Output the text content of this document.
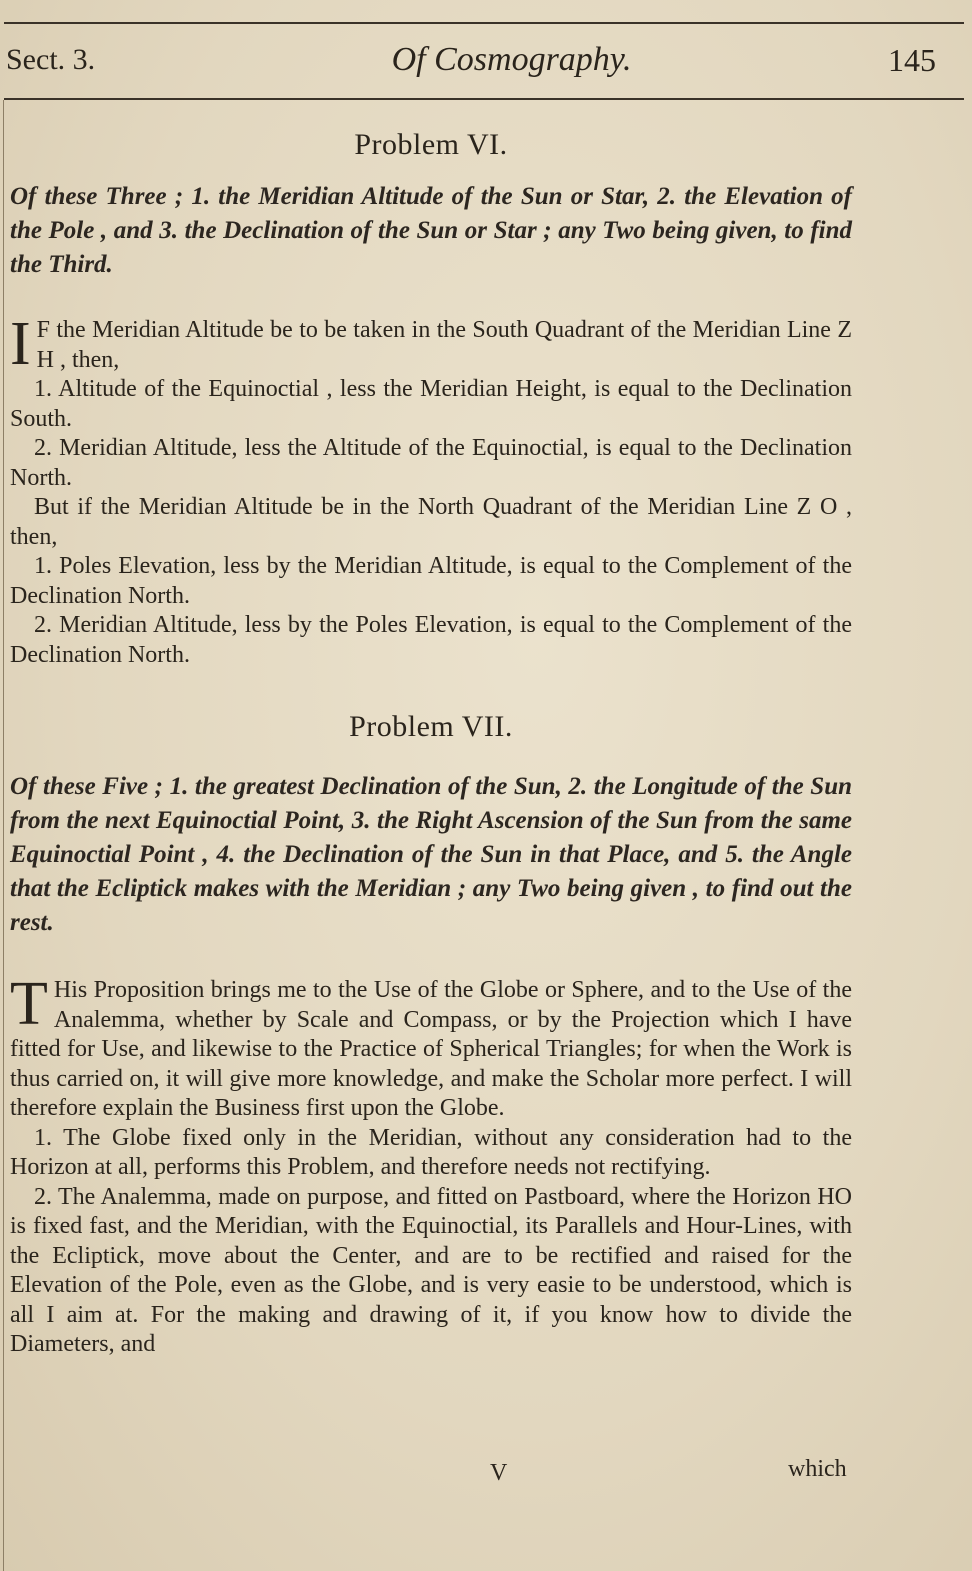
Sect. 3.	Of Cosmography.	145

Problem VI.

Of these Three ; 1. the Meridian Altitude of the Sun or Star, 2. the Elevation of the Pole , and 3. the Declination of the Sun or Star ; any Two being given, to find the Third.

I F the Meridian Altitude be to be taken in the South Quadrant of the Meridian Line Z H , then,

1. Altitude of the Equinoctial , less the Meridian Height, is equal to the Declination South.

2. Meridian Altitude, less the Altitude of the Equinoctial, is equal to the Declination North.

But if the Meridian Altitude be in the North Quadrant of the Meridian Line Z O , then,

1. Poles Elevation, less by the Meridian Altitude, is equal to the Complement of the Declination North.

2. Meridian Altitude, less by the Poles Elevation, is equal to the Complement of the Declination North.

Problem VII.

Of these Five ; 1. the greatest Declination of the Sun, 2. the Longitude of the Sun from the next Equinoctial Point, 3. the Right Ascension of the Sun from the same Equinoctial Point , 4. the Declination of the Sun in that Place, and 5. the Angle that the Ecliptick makes with the Meridian ; any Two being given , to find out the rest.

T His Proposition brings me to the Use of the Globe or Sphere, and to the Use of the Analemma, whether by Scale and Compass, or by the Projection which I have fitted for Use, and likewise to the Practice of Spherical Triangles; for when the Work is thus carried on, it will give more knowledge, and make the Scholar more perfect. I will therefore explain the Business first upon the Globe.

1. The Globe fixed only in the Meridian, without any consideration had to the Horizon at all, performs this Problem, and therefore needs not rectifying.

2. The Analemma, made on purpose, and fitted on Pastboard, where the Horizon HO is fixed fast, and the Meridian, with the Equinoctial, its Parallels and Hour-Lines, with the Ecliptick, move about the Center, and are to be rectified and raised for the Elevation of the Pole, even as the Globe, and is very easie to be understood, which is all I aim at. For the making and drawing of it, if you know how to divide the Diameters, and

V	which
